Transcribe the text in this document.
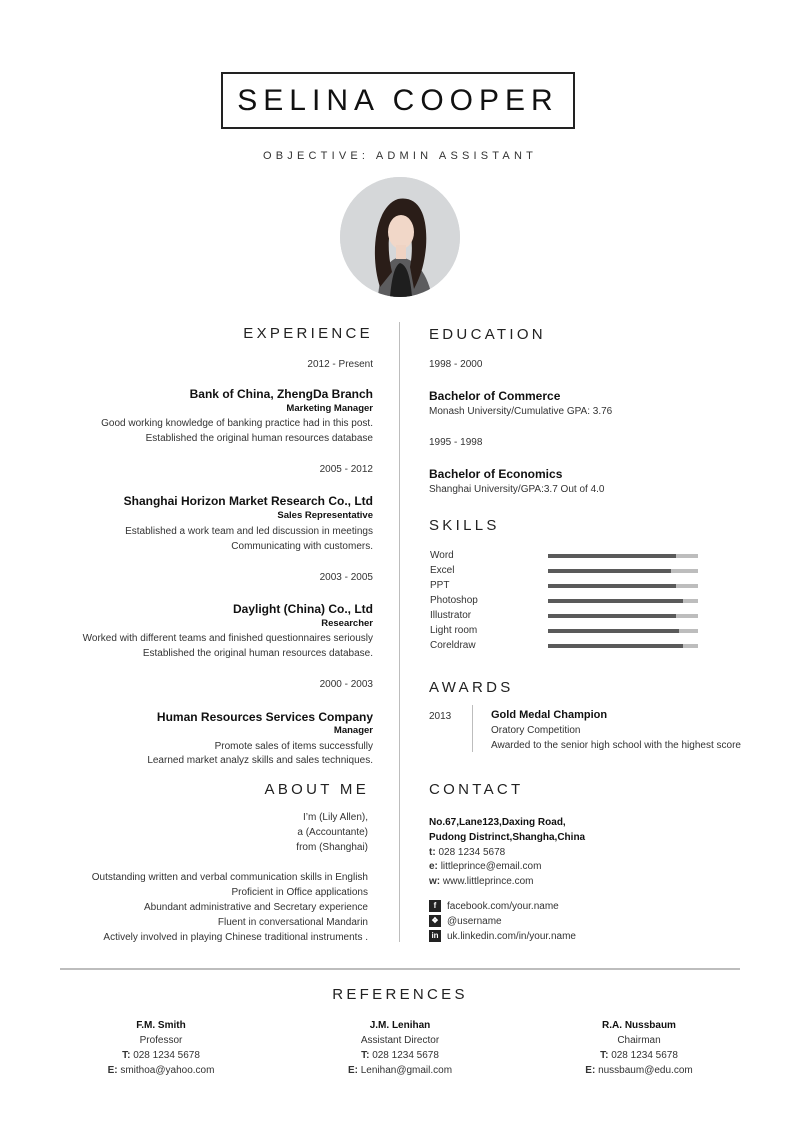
SELINA COOPER
OBJECTIVE: ADMIN ASSISTANT
EXPERIENCE
2012 - Present
Bank of China, ZhengDa Branch
Marketing Manager
Good working knowledge of banking practice had in this post.
Established the original human resources database
2005 - 2012
Shanghai Horizon Market Research Co., Ltd
Sales Representative
Established a work team and led discussion in meetings
Communicating with customers.
2003 - 2005
Daylight (China) Co., Ltd
Researcher
Worked with different teams and finished questionnaires seriously
Established the original human resources database.
2000 - 2003
Human Resources Services Company
Manager
Promote sales of items successfully
Learned market analyz skills and sales techniques.
ABOUT ME
I’m (Lily Allen),
a (Accountante)
from (Shanghai)
Outstanding written and verbal communication skills in English
Proficient in Office applications
Abundant administrative and Secretary experience
Fluent in conversational Mandarin
Actively involved in playing Chinese traditional instruments .
EDUCATION
1998 - 2000
Bachelor of Commerce
Monash University/Cumulative GPA: 3.76
1995 - 1998
Bachelor of Economics
Shanghai University/GPA:3.7 Out of 4.0
SKILLS
Word
Excel
PPT
Photoshop
Illustrator
Light room
Coreldraw
AWARDS
2013	Gold Medal Champion
Oratory Competition
Awarded to the senior high school with the highest score
CONTACT
No.67,Lane123,Daxing Road,
Pudong Distrinct,Shangha,China
t: 028 1234 5678
e: littleprince@email.com
w: www.littleprince.com
f facebook.com/your.name
❖ @username
in uk.linkedin.com/in/your.name
REFERENCES
F.M. Smith
Professor
T: 028 1234 5678
E: smithoa@yahoo.com
J.M. Lenihan
Assistant Director
T: 028 1234 5678
E: Lenihan@gmail.com
R.A. Nussbaum
Chairman
T: 028 1234 5678
E: nussbaum@edu.com
